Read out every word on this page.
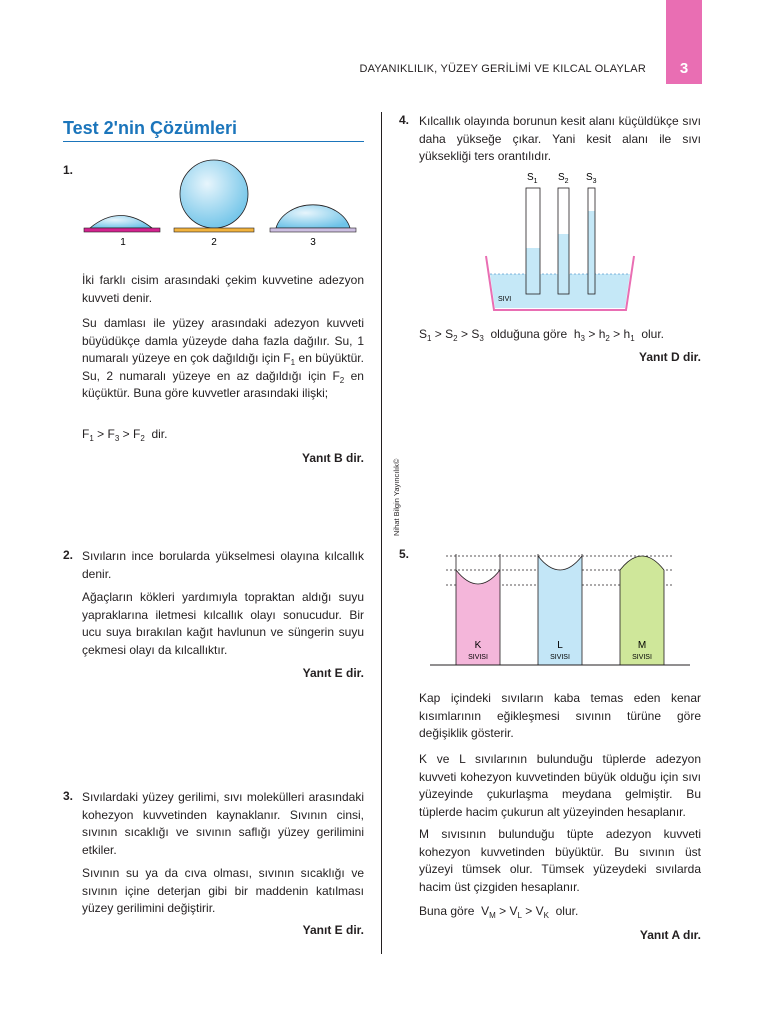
3
DAYANIKLILIK, YÜZEY GERİLİMİ VE KILCAL OLAYLAR
Nihat Bilgin Yayıncılık©
Test 2'nin Çözümleri
1.
1	2	3
İki farklı cisim arasındaki çekim kuvvetine adezyon kuvveti denir.
Su damlası ile yüzey arasındaki adezyon kuvveti büyüdükçe damla yüzeyde daha fazla dağılır. Su, 1 numaralı yüzeye en çok dağıldığı için $F_1$ en büyüktür. Su, 2 numaralı yüzeye en az dağıldığı için $F_2$ en küçüktür. Buna göre kuvvetler arasındaki ilişki;
$F_1 > F_3 > F_2$ dir.
Yanıt B dir.
2. Sıvıların ince borularda yükselmesi olayına kılcallık denir.
Ağaçların kökleri yardımıyla topraktan aldığı suyu yapraklarına iletmesi kılcallık olayı sonucudur. Bir ucu suya bırakılan kağıt havlunun ve süngerin suyu çekmesi olayı da kılcallıktır.
Yanıt E dir.
3. Sıvılardaki yüzey gerilimi, sıvı molekülleri arasındaki kohezyon kuvvetinden kaynaklanır. Sıvının cinsi, sıvının sıcaklığı ve sıvının saflığı yüzey gerilimini etkiler.
Sıvının su ya da cıva olması, sıvının sıcaklığı ve sıvının içine deterjan gibi bir maddenin katılması yüzey gerilimini değiştirir.
Yanıt E dir.
4. Kılcallık olayında borunun kesit alanı küçüldükçe sıvı daha yükseğe çıkar. Yani kesit alanı ile sıvı yüksekliği ters orantılıdır.
$S_1$ $S_2$ $S_3$
SIVI
$S_1 > S_2 > S_3$ olduğuna göre $h_3 > h_2 > h_1$ olur.
Yanıt D dir.
5.
K
SIVISI
L
SIVISI
M
SIVISI
Kap içindeki sıvıların kaba temas eden kenar kısımlarının eğikleşmesi sıvının türüne göre değişiklik gösterir.
K ve L sıvılarının bulunduğu tüplerde adezyon kuvveti kohezyon kuvvetinden büyük olduğu için sıvı yüzeyinde çukurlaşma meydana gelmiştir. Bu tüplerde hacim çukurun alt yüzeyinden hesaplanır.
M sıvısının bulunduğu tüpte adezyon kuvveti kohezyon kuvvetinden büyüktür. Bu sıvının üst yüzeyi tümsek olur. Tümsek yüzeydeki sıvılarda hacim üst çizgiden hesaplanır.
Buna göre $V_M > V_L > V_K$ olur.
Yanıt A dır.
